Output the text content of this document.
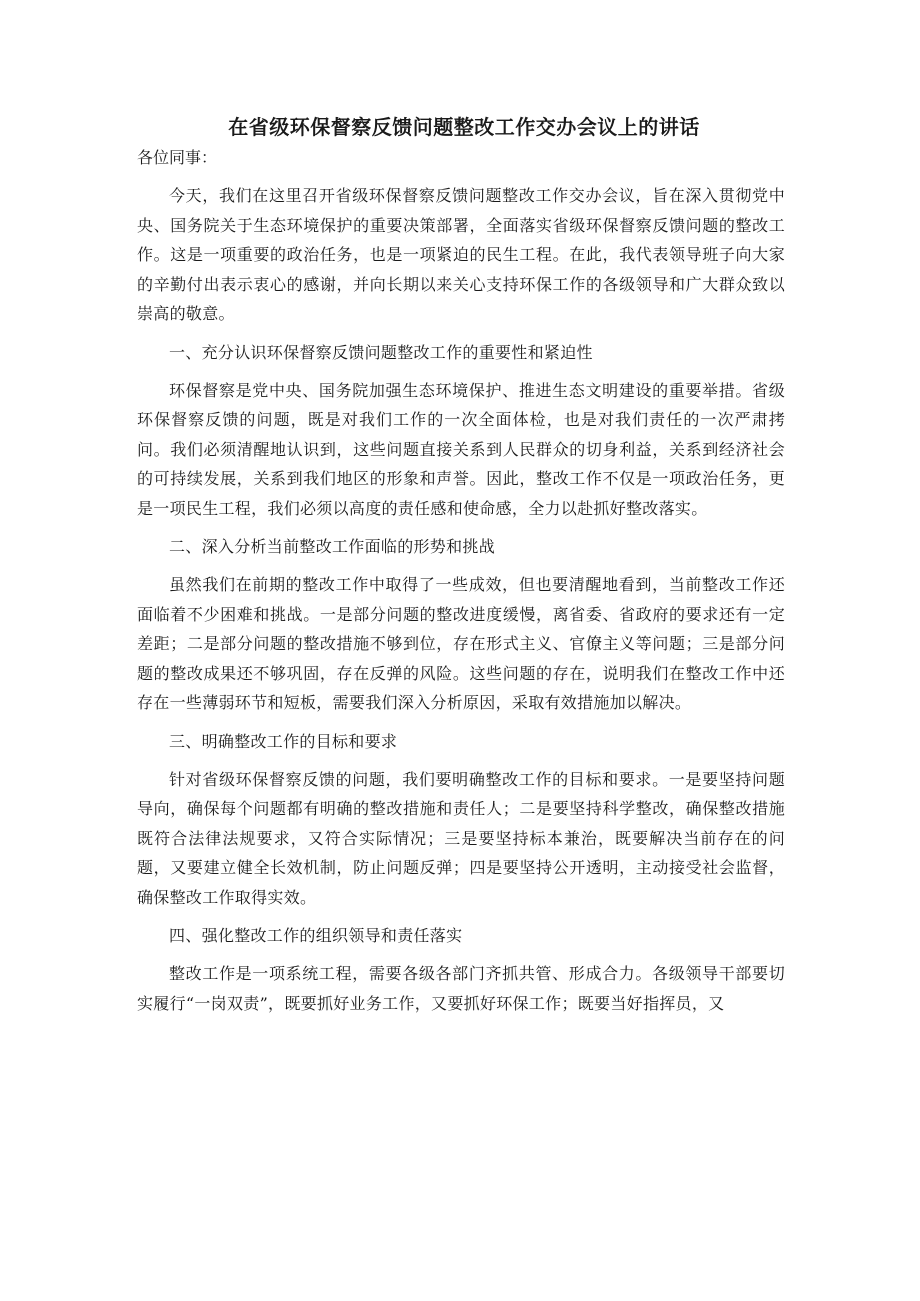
在省级环保督察反馈问题整改工作交办会议上的讲话

各位同事：

今天，我们在这里召开省级环保督察反馈问题整改工作交办会议，旨在深入贯彻党中央、国务院关于生态环境保护的重要决策部署，全面落实省级环保督察反馈问题的整改工作。这是一项重要的政治任务，也是一项紧迫的民生工程。在此，我代表领导班子向大家的辛勤付出表示衷心的感谢，并向长期以来关心支持环保工作的各级领导和广大群众致以崇高的敬意。

一、充分认识环保督察反馈问题整改工作的重要性和紧迫性

环保督察是党中央、国务院加强生态环境保护、推进生态文明建设的重要举措。省级环保督察反馈的问题，既是对我们工作的一次全面体检，也是对我们责任的一次严肃拷问。我们必须清醒地认识到，这些问题直接关系到人民群众的切身利益，关系到经济社会的可持续发展，关系到我们地区的形象和声誉。因此，整改工作不仅是一项政治任务，更是一项民生工程，我们必须以高度的责任感和使命感，全力以赴抓好整改落实。

二、深入分析当前整改工作面临的形势和挑战

虽然我们在前期的整改工作中取得了一些成效，但也要清醒地看到，当前整改工作还面临着不少困难和挑战。一是部分问题的整改进度缓慢，离省委、省政府的要求还有一定差距；二是部分问题的整改措施不够到位，存在形式主义、官僚主义等问题；三是部分问题的整改成果还不够巩固，存在反弹的风险。这些问题的存在，说明我们在整改工作中还存在一些薄弱环节和短板，需要我们深入分析原因，采取有效措施加以解决。

三、明确整改工作的目标和要求

针对省级环保督察反馈的问题，我们要明确整改工作的目标和要求。一是要坚持问题导向，确保每个问题都有明确的整改措施和责任人；二是要坚持科学整改，确保整改措施既符合法律法规要求，又符合实际情况；三是要坚持标本兼治，既要解决当前存在的问题，又要建立健全长效机制，防止问题反弹；四是要坚持公开透明，主动接受社会监督，确保整改工作取得实效。

四、强化整改工作的组织领导和责任落实

整改工作是一项系统工程，需要各级各部门齐抓共管、形成合力。各级领导干部要切实履行“一岗双责”，既要抓好业务工作，又要抓好环保工作；既要当好指挥员，又
